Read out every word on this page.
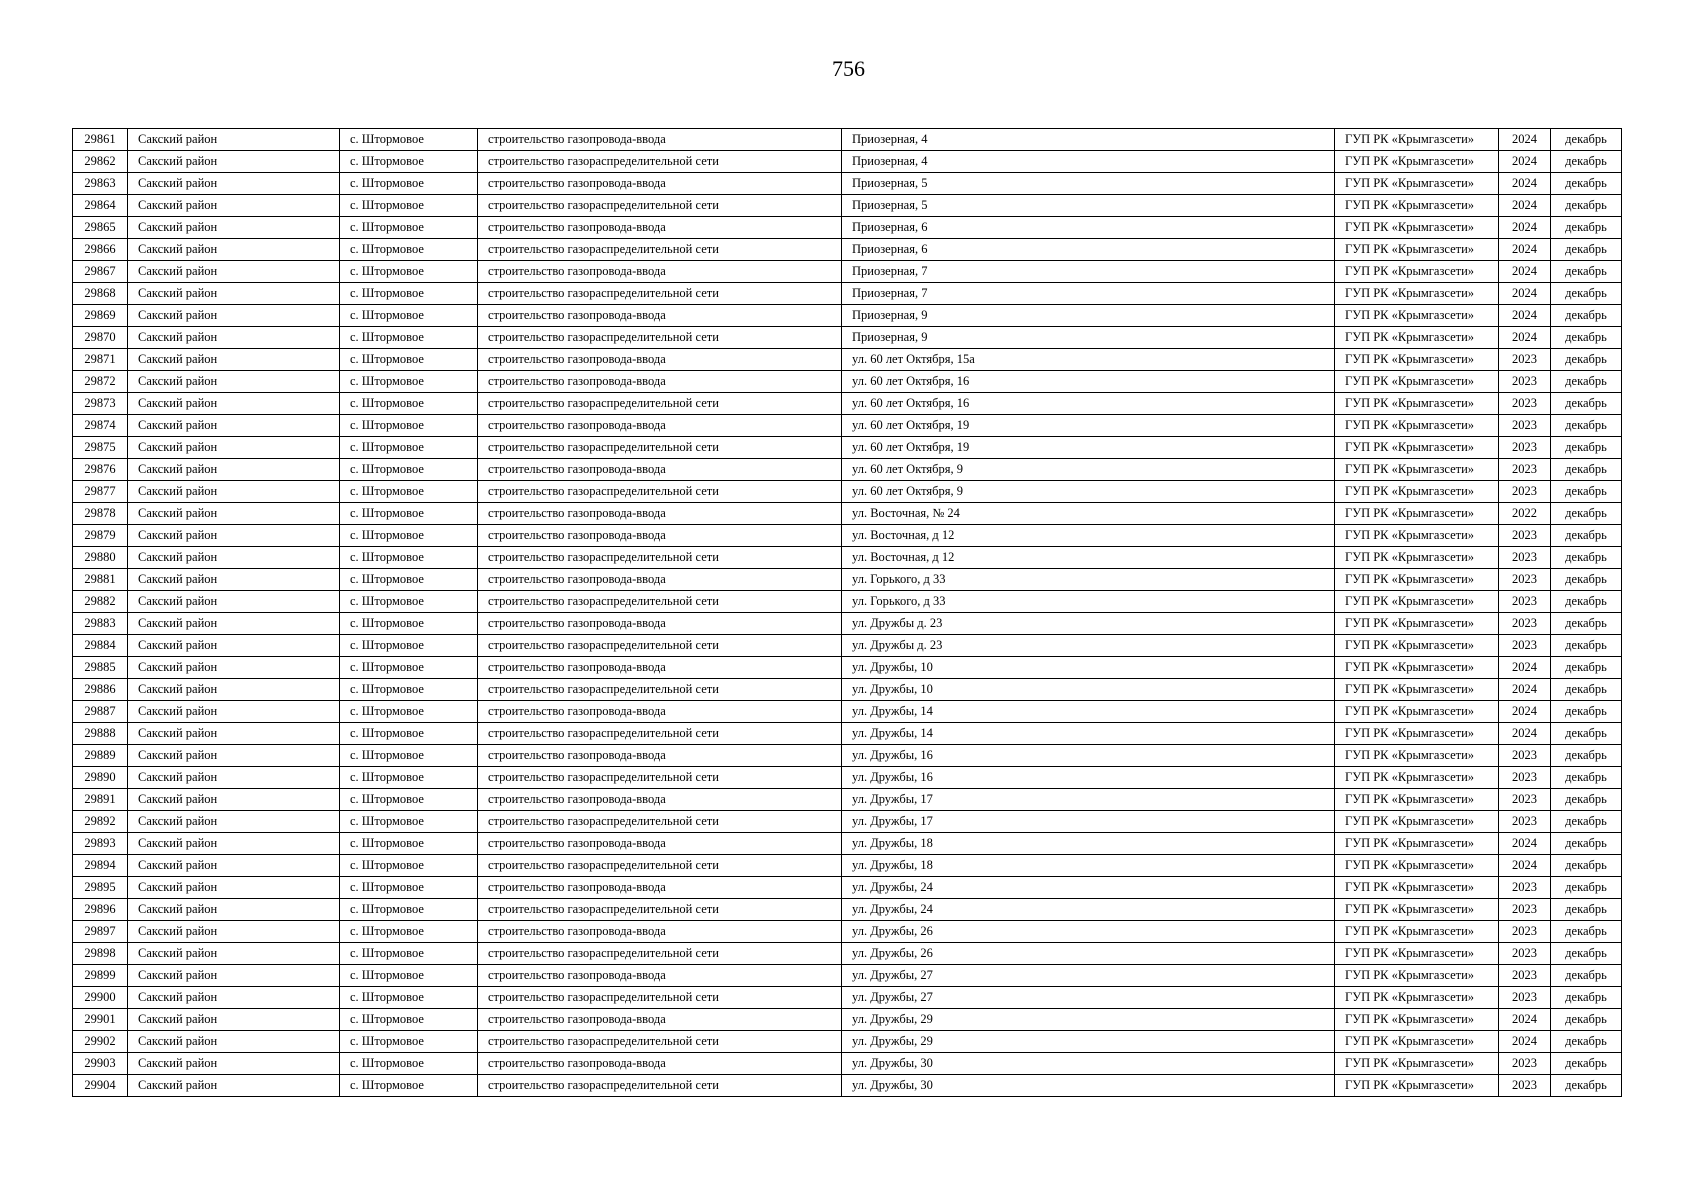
756
29861	Сакский район	с. Штормовое	строительство газопровода-ввода	Приозерная, 4	ГУП РК «Крымгазсети»	2024	декабрь
29862	Сакский район	с. Штормовое	строительство газораспределительной сети	Приозерная, 4	ГУП РК «Крымгазсети»	2024	декабрь
29863	Сакский район	с. Штормовое	строительство газопровода-ввода	Приозерная, 5	ГУП РК «Крымгазсети»	2024	декабрь
29864	Сакский район	с. Штормовое	строительство газораспределительной сети	Приозерная, 5	ГУП РК «Крымгазсети»	2024	декабрь
29865	Сакский район	с. Штормовое	строительство газопровода-ввода	Приозерная, 6	ГУП РК «Крымгазсети»	2024	декабрь
29866	Сакский район	с. Штормовое	строительство газораспределительной сети	Приозерная, 6	ГУП РК «Крымгазсети»	2024	декабрь
29867	Сакский район	с. Штормовое	строительство газопровода-ввода	Приозерная, 7	ГУП РК «Крымгазсети»	2024	декабрь
29868	Сакский район	с. Штормовое	строительство газораспределительной сети	Приозерная, 7	ГУП РК «Крымгазсети»	2024	декабрь
29869	Сакский район	с. Штормовое	строительство газопровода-ввода	Приозерная, 9	ГУП РК «Крымгазсети»	2024	декабрь
29870	Сакский район	с. Штормовое	строительство газораспределительной сети	Приозерная, 9	ГУП РК «Крымгазсети»	2024	декабрь
29871	Сакский район	с. Штормовое	строительство газопровода-ввода	ул. 60 лет Октября, 15а	ГУП РК «Крымгазсети»	2023	декабрь
29872	Сакский район	с. Штормовое	строительство газопровода-ввода	ул. 60 лет Октября, 16	ГУП РК «Крымгазсети»	2023	декабрь
29873	Сакский район	с. Штормовое	строительство газораспределительной сети	ул. 60 лет Октября, 16	ГУП РК «Крымгазсети»	2023	декабрь
29874	Сакский район	с. Штормовое	строительство газопровода-ввода	ул. 60 лет Октября, 19	ГУП РК «Крымгазсети»	2023	декабрь
29875	Сакский район	с. Штормовое	строительство газораспределительной сети	ул. 60 лет Октября, 19	ГУП РК «Крымгазсети»	2023	декабрь
29876	Сакский район	с. Штормовое	строительство газопровода-ввода	ул. 60 лет Октября, 9	ГУП РК «Крымгазсети»	2023	декабрь
29877	Сакский район	с. Штормовое	строительство газораспределительной сети	ул. 60 лет Октября, 9	ГУП РК «Крымгазсети»	2023	декабрь
29878	Сакский район	с. Штормовое	строительство газопровода-ввода	ул. Восточная, № 24	ГУП РК «Крымгазсети»	2022	декабрь
29879	Сакский район	с. Штормовое	строительство газопровода-ввода	ул. Восточная, д 12	ГУП РК «Крымгазсети»	2023	декабрь
29880	Сакский район	с. Штормовое	строительство газораспределительной сети	ул. Восточная, д 12	ГУП РК «Крымгазсети»	2023	декабрь
29881	Сакский район	с. Штормовое	строительство газопровода-ввода	ул. Горького, д 33	ГУП РК «Крымгазсети»	2023	декабрь
29882	Сакский район	с. Штормовое	строительство газораспределительной сети	ул. Горького, д 33	ГУП РК «Крымгазсети»	2023	декабрь
29883	Сакский район	с. Штормовое	строительство газопровода-ввода	ул. Дружбы д. 23	ГУП РК «Крымгазсети»	2023	декабрь
29884	Сакский район	с. Штормовое	строительство газораспределительной сети	ул. Дружбы д. 23	ГУП РК «Крымгазсети»	2023	декабрь
29885	Сакский район	с. Штормовое	строительство газопровода-ввода	ул. Дружбы, 10	ГУП РК «Крымгазсети»	2024	декабрь
29886	Сакский район	с. Штормовое	строительство газораспределительной сети	ул. Дружбы, 10	ГУП РК «Крымгазсети»	2024	декабрь
29887	Сакский район	с. Штормовое	строительство газопровода-ввода	ул. Дружбы, 14	ГУП РК «Крымгазсети»	2024	декабрь
29888	Сакский район	с. Штормовое	строительство газораспределительной сети	ул. Дружбы, 14	ГУП РК «Крымгазсети»	2024	декабрь
29889	Сакский район	с. Штормовое	строительство газопровода-ввода	ул. Дружбы, 16	ГУП РК «Крымгазсети»	2023	декабрь
29890	Сакский район	с. Штормовое	строительство газораспределительной сети	ул. Дружбы, 16	ГУП РК «Крымгазсети»	2023	декабрь
29891	Сакский район	с. Штормовое	строительство газопровода-ввода	ул. Дружбы, 17	ГУП РК «Крымгазсети»	2023	декабрь
29892	Сакский район	с. Штормовое	строительство газораспределительной сети	ул. Дружбы, 17	ГУП РК «Крымгазсети»	2023	декабрь
29893	Сакский район	с. Штормовое	строительство газопровода-ввода	ул. Дружбы, 18	ГУП РК «Крымгазсети»	2024	декабрь
29894	Сакский район	с. Штормовое	строительство газораспределительной сети	ул. Дружбы, 18	ГУП РК «Крымгазсети»	2024	декабрь
29895	Сакский район	с. Штормовое	строительство газопровода-ввода	ул. Дружбы, 24	ГУП РК «Крымгазсети»	2023	декабрь
29896	Сакский район	с. Штормовое	строительство газораспределительной сети	ул. Дружбы, 24	ГУП РК «Крымгазсети»	2023	декабрь
29897	Сакский район	с. Штормовое	строительство газопровода-ввода	ул. Дружбы, 26	ГУП РК «Крымгазсети»	2023	декабрь
29898	Сакский район	с. Штормовое	строительство газораспределительной сети	ул. Дружбы, 26	ГУП РК «Крымгазсети»	2023	декабрь
29899	Сакский район	с. Штормовое	строительство газопровода-ввода	ул. Дружбы, 27	ГУП РК «Крымгазсети»	2023	декабрь
29900	Сакский район	с. Штормовое	строительство газораспределительной сети	ул. Дружбы, 27	ГУП РК «Крымгазсети»	2023	декабрь
29901	Сакский район	с. Штормовое	строительство газопровода-ввода	ул. Дружбы, 29	ГУП РК «Крымгазсети»	2024	декабрь
29902	Сакский район	с. Штормовое	строительство газораспределительной сети	ул. Дружбы, 29	ГУП РК «Крымгазсети»	2024	декабрь
29903	Сакский район	с. Штормовое	строительство газопровода-ввода	ул. Дружбы, 30	ГУП РК «Крымгазсети»	2023	декабрь
29904	Сакский район	с. Штормовое	строительство газораспределительной сети	ул. Дружбы, 30	ГУП РК «Крымгазсети»	2023	декабрь
